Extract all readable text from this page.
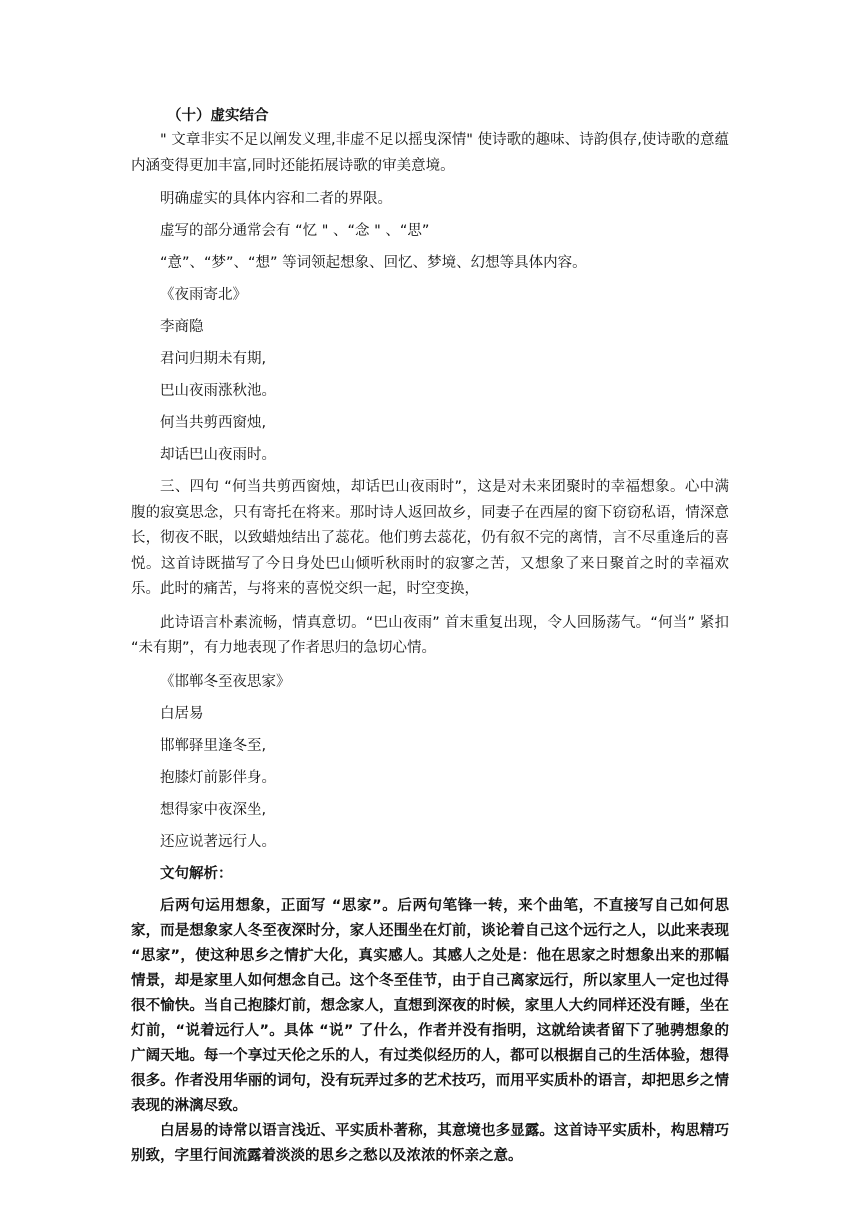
（十）虚实结合

" 文章非实不足以阐发义理,非虚不足以摇曳深情" 使诗歌的趣味、诗韵俱存,使诗歌的意蕴内涵变得更加丰富,同时还能拓展诗歌的审美意境。

明确虚实的具体内容和二者的界限。

虚写的部分通常会有 “忆 " 、“念 " 、“思”

“意”、“梦”、“想” 等词领起想象、回忆、梦境、幻想等具体内容。

《夜雨寄北》

李商隐

君问归期未有期,

巴山夜雨涨秋池。

何当共剪西窗烛,

却话巴山夜雨时。

三、四句 “何当共剪西窗烛，却话巴山夜雨时”，这是对未来团聚时的幸福想象。心中满腹的寂寞思念，只有寄托在将来。那时诗人返回故乡，同妻子在西屋的窗下窃窃私语，情深意长，彻夜不眠，以致蜡烛结出了蕊花。他们剪去蕊花，仍有叙不完的离情，言不尽重逢后的喜悦。这首诗既描写了今日身处巴山倾听秋雨时的寂寥之苦，又想象了来日聚首之时的幸福欢乐。此时的痛苦，与将来的喜悦交织一起，时空变换，

此诗语言朴素流畅，情真意切。“巴山夜雨” 首末重复出现，令人回肠荡气。“何当” 紧扣 “未有期”，有力地表现了作者思归的急切心情。

《邯郸冬至夜思家》

白居易

邯郸驿里逢冬至,

抱膝灯前影伴身。

想得家中夜深坐,

还应说著远行人。

文句解析：

后两句运用想象，正面写 “思家”。后两句笔锋一转，来个曲笔，不直接写自己如何思家，而是想象家人冬至夜深时分，家人还围坐在灯前，谈论着自己这个远行之人，以此来表现 “思家”，使这种思乡之情扩大化，真实感人。其感人之处是：他在思家之时想象出来的那幅情景，却是家里人如何想念自己。这个冬至佳节，由于自己离家远行，所以家里人一定也过得很不愉快。当自己抱膝灯前，想念家人，直想到深夜的时候，家里人大约同样还没有睡，坐在灯前，“说着远行人”。具体 “说” 了什么，作者并没有指明，这就给读者留下了驰骋想象的广阔天地。每一个享过天伦之乐的人，有过类似经历的人，都可以根据自己的生活体验，想得很多。作者没用华丽的词句，没有玩弄过多的艺术技巧，而用平实质朴的语言，却把思乡之情表现的淋漓尽致。

白居易的诗常以语言浅近、平实质朴著称，其意境也多显露。这首诗平实质朴，构思精巧别致，字里行间流露着淡淡的思乡之愁以及浓浓的怀亲之意。
